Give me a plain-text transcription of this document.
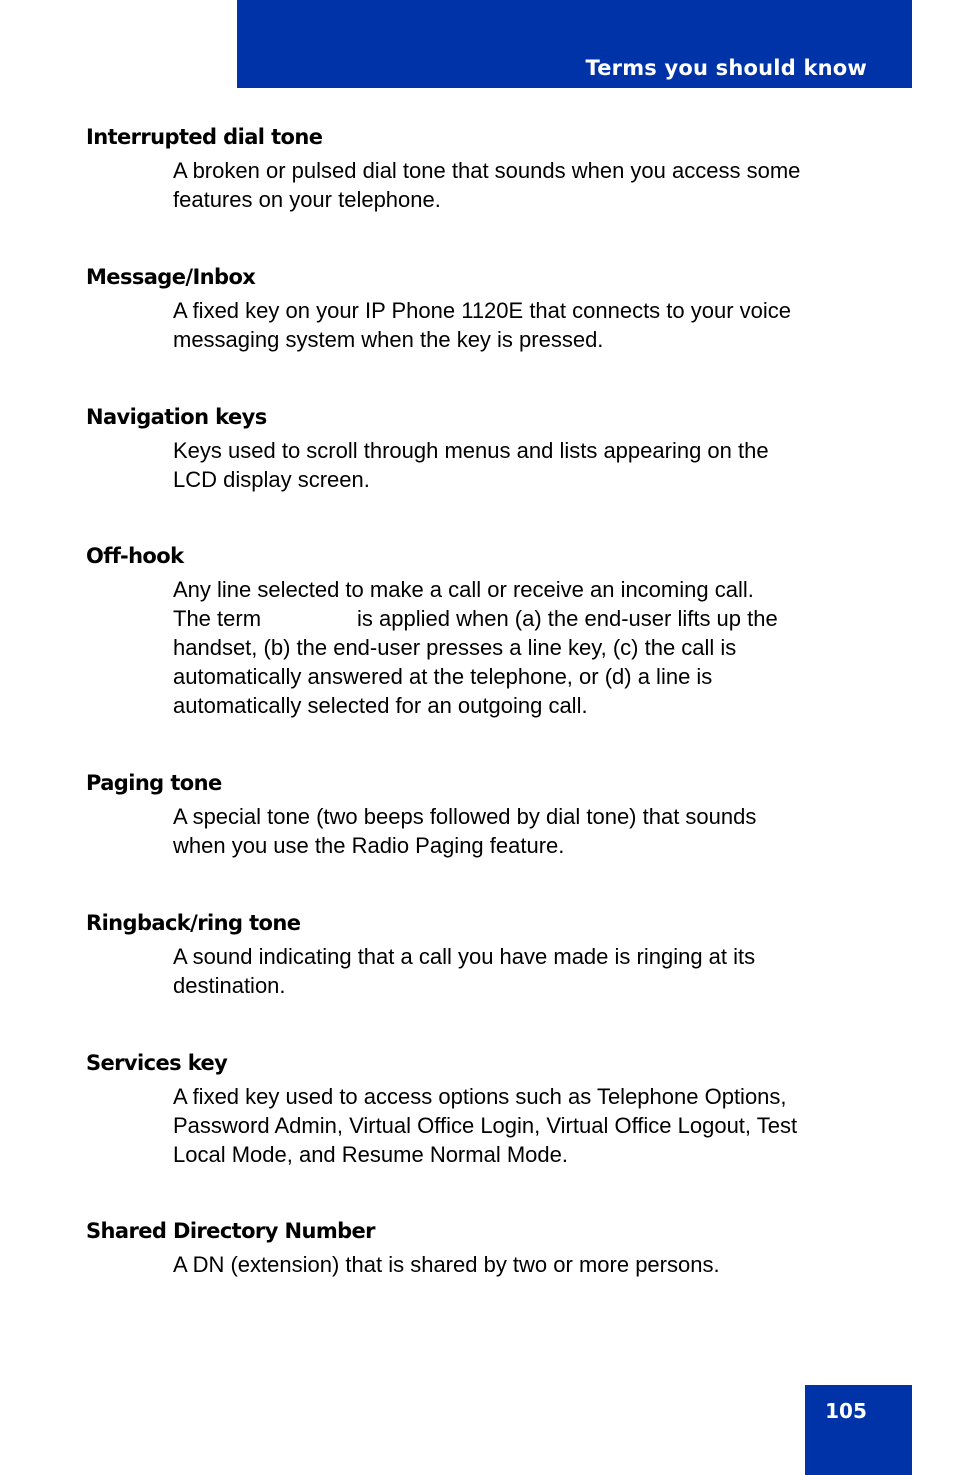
Terms you should know
Interrupted dial tone

A broken or pulsed dial tone that sounds when you access some
features on your telephone.

Message/Inbox

A fixed key on your IP Phone 1120E that connects to your voice
messaging system when the key is pressed.

Navigation keys

Keys used to scroll through menus and lists appearing on the
LCD display screen.

Off-hook

Any line selected to make a call or receive an incoming call.
The term	is applied when (a) the end-user lifts up the
handset, (b) the end-user presses a line key, (c) the call is
automatically answered at the telephone, or (d) a line is
automatically selected for an outgoing call.

Paging tone

A special tone (two beeps followed by dial tone) that sounds
when you use the Radio Paging feature.

Ringback/ring tone

A sound indicating that a call you have made is ringing at its
destination.

Services key

A fixed key used to access options such as Telephone Options,
Password Admin, Virtual Office Login, Virtual Office Logout, Test
Local Mode, and Resume Normal Mode.

Shared Directory Number

A DN (extension) that is shared by two or more persons.

105
